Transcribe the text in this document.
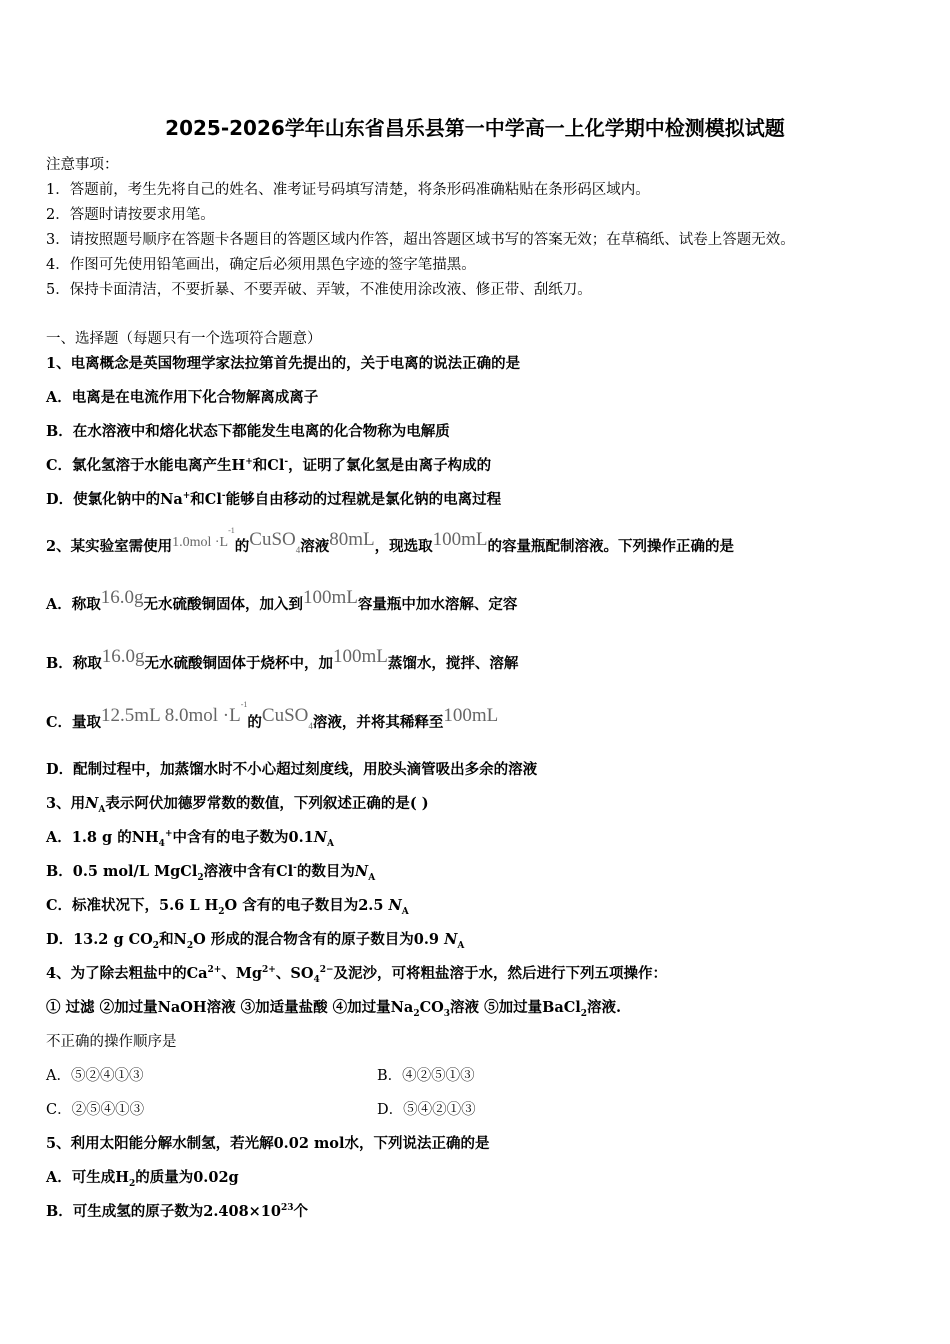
2025-2026学年山东省昌乐县第一中学高一上化学期中检测模拟试题
注意事项：
1．答题前，考生先将自己的姓名、准考证号码填写清楚，将条形码准确粘贴在条形码区域内。
2．答题时请按要求用笔。
3．请按照题号顺序在答题卡各题目的答题区域内作答，超出答题区域书写的答案无效；在草稿纸、试卷上答题无效。
4．作图可先使用铅笔画出，确定后必须用黑色字迹的签字笔描黑。
5．保持卡面清洁，不要折暴、不要弄破、弄皱，不准使用涂改液、修正带、刮纸刀。
一、选择题（每题只有一个选项符合题意）
1、电离概念是英国物理学家法拉第首先提出的，关于电离的说法正确的是
A．电离是在电流作用下化合物解离成离子
B．在水溶液中和熔化状态下都能发生电离的化合物称为电解质
C．氯化氢溶于水能电离产生H+和Cl-，证明了氯化氢是由离子构成的
D．使氯化钠中的Na+和Cl-能够自由移动的过程就是氯化钠的电离过程
2、某实验室需使用$1.0mol \cdot L^{-1}$的CuSO$_4$溶液80mL，现选取100mL的容量瓶配制溶液。下列操作正确的是
A．称取16.0g无水硫酸铜固体，加入到100mL容量瓶中加水溶解、定容
B．称取16.0g无水硫酸铜固体于烧杯中，加100mL蒸馏水，搅拌、溶解
C．量取12.5mL $8.0mol \cdot L^{-1}$的CuSO$_4$溶液，并将其稀释至100mL
D．配制过程中，加蒸馏水时不小心超过刻度线，用胶头滴管吸出多余的溶液
3、用$N_A$表示阿伏加德罗常数的数值，下列叙述正确的是( )
A．1.8 g 的$NH_4^+$中含有的电子数为$0.1N_A$
B．0.5 mol/L MgCl$_2$溶液中含有Cl-的数目为$N_A$
C．标准状况下，5.6 L $H_2O$ 含有的电子数目为2.5 $N_A$
D．13.2 g $CO_2$和$N_2O$ 形成的混合物含有的原子数目为0.9 $N_A$
4、为了除去粗盐中的$Ca^{2+}$、$Mg^{2+}$、$SO_4^{2-}$及泥沙，可将粗盐溶于水，然后进行下列五项操作：
① 过滤 ②加过量NaOH溶液 ③加适量盐酸 ④加过量$Na_2CO_3$溶液 ⑤加过量BaCl$_2$溶液.
不正确的操作顺序是
A．⑤②④①③	B．④②⑤①③
C．②⑤④①③	D．⑤④②①③
5、利用太阳能分解水制氢，若光解0.02 mol水，下列说法正确的是
A．可生成$H_2$的质量为0.02g
B．可生成氢的原子数为$2.408\times 10^{23}$个
